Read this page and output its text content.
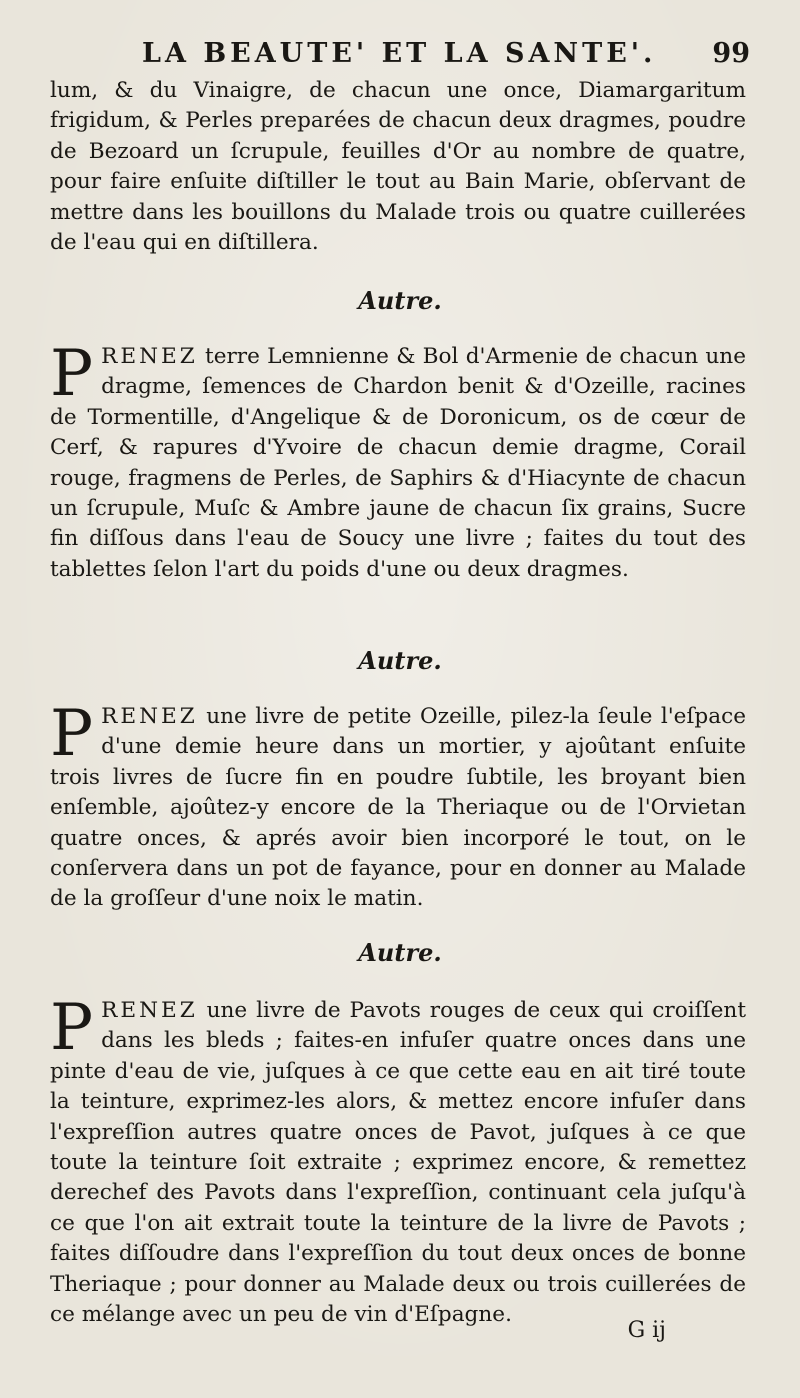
LA BEAUTE' ET LA SANTE'. 99
lum, & du Vinaigre, de chacun une once, Diamargaritum frigidum, & Perles preparées de chacun deux dragmes, poudre de Bezoard un ſcrupule, feuilles d'Or au nombre de quatre, pour faire enſuite diſtiller le tout au Bain Marie, obſervant de mettre dans les bouillons du Malade trois ou quatre cuillerées de l'eau qui en diſtillera.
Autre.
PRENEZ terre Lemnienne & Bol d'Armenie de chacun une dragme, ſemences de Chardon benit & d'Ozeille, racines de Tormentille, d'Angelique & de Doronicum, os de cœur de Cerf, & rapures d'Yvoire de chacun demie dragme, Corail rouge, fragmens de Perles, de Saphirs & d'Hiacynte de chacun un ſcrupule, Muſc & Ambre jaune de chacun ſix grains, Sucre fin diſſous dans l'eau de Soucy une livre ; faites du tout des tablettes ſelon l'art du poids d'une ou deux dragmes.
Autre.
PRENEZ une livre de petite Ozeille, pilez-la ſeule l'eſpace d'une demie heure dans un mortier, y ajoûtant enſuite trois livres de ſucre fin en poudre ſubtile, les broyant bien enſemble, ajoûtez-y encore de la Theriaque ou de l'Orvietan quatre onces, & aprés avoir bien incorporé le tout, on le conſervera dans un pot de fayance, pour en donner au Malade de la groſſeur d'une noix le matin.
Autre.
PRENEZ une livre de Pavots rouges de ceux qui croiſſent dans les bleds ; faites-en infuſer quatre onces dans une pinte d'eau de vie, juſques à ce que cette eau en ait tiré toute la teinture, exprimez-les alors, & mettez encore infuſer dans l'expreſſion autres quatre onces de Pavot, juſques à ce que toute la teinture ſoit extraite ; exprimez encore, & remettez derechef des Pavots dans l'expreſſion, continuant cela juſqu'à ce que l'on ait extrait toute la teinture de la livre de Pavots ; faites diſſoudre dans l'expreſſion du tout deux onces de bonne Theriaque ; pour donner au Malade deux ou trois cuillerées de ce mélange avec un peu de vin d'Eſpagne.
G ij
